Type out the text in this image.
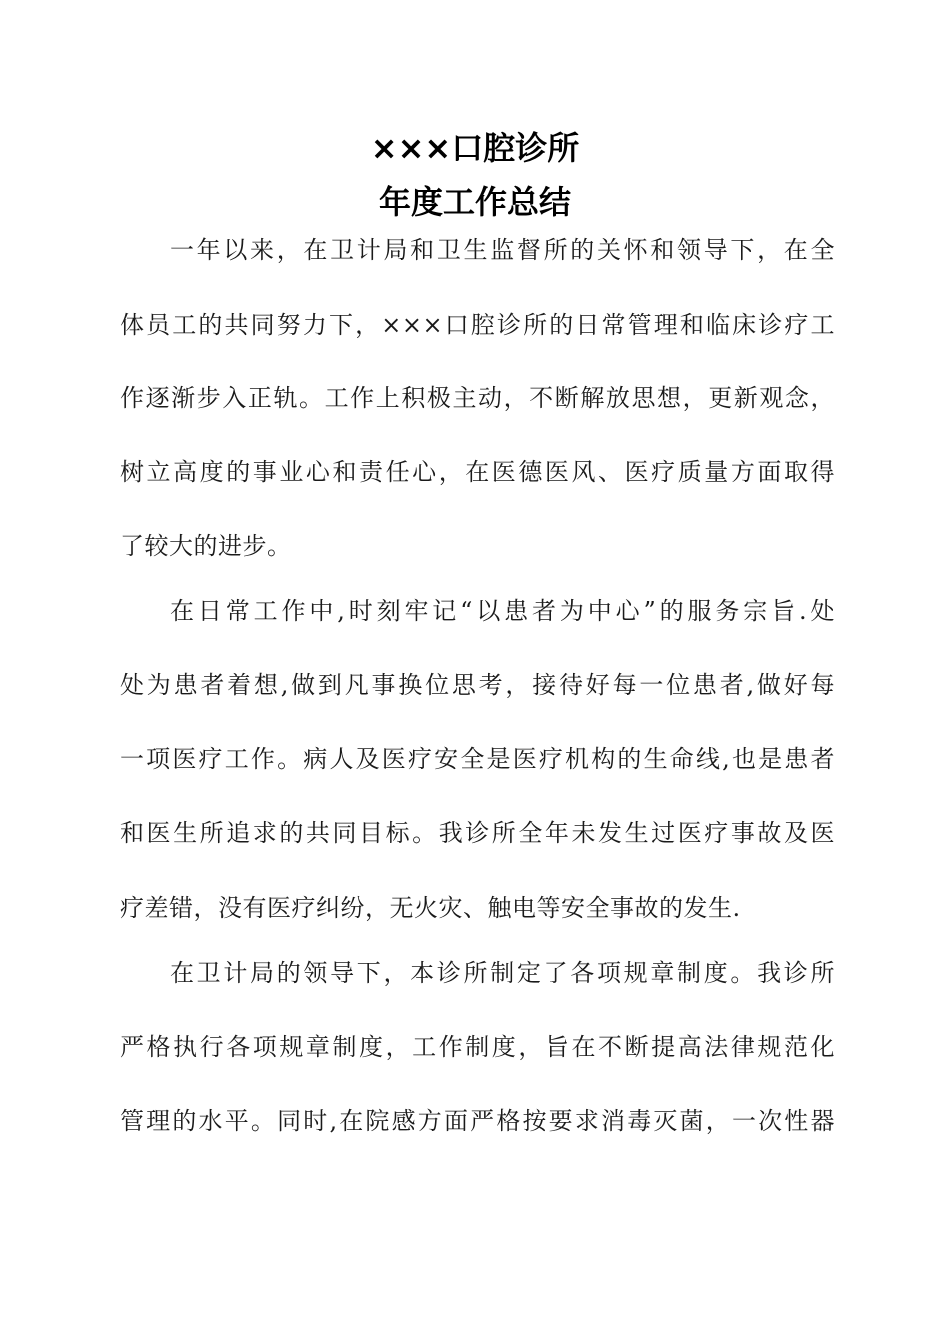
×××口腔诊所
年度工作总结
一年以来，在卫计局和卫生监督所的关怀和领导下，在全
体员工的共同努力下，×××口腔诊所的日常管理和临床诊疗工
作逐渐步入正轨。工作上积极主动，不断解放思想，更新观念，
树立高度的事业心和责任心，在医德医风、医疗质量方面取得
了较大的进步。
在日常工作中,时刻牢记“以患者为中心”的服务宗旨.处
处为患者着想,做到凡事换位思考，接待好每一位患者,做好每
一项医疗工作。病人及医疗安全是医疗机构的生命线,也是患者
和医生所追求的共同目标。我诊所全年未发生过医疗事故及医
疗差错，没有医疗纠纷，无火灾、触电等安全事故的发生.
在卫计局的领导下，本诊所制定了各项规章制度。我诊所
严格执行各项规章制度，工作制度，旨在不断提高法律规范化
管理的水平。同时,在院感方面严格按要求消毒灭菌，一次性器
